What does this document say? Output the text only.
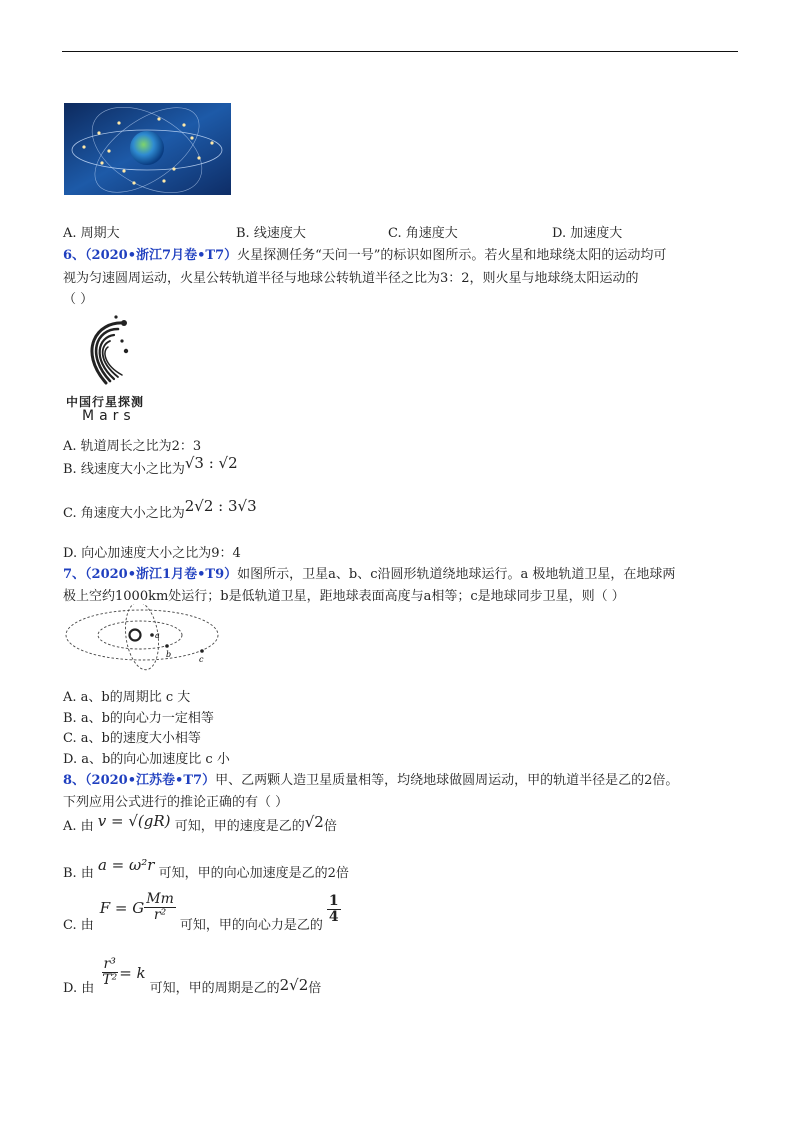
A. 周期大	B. 线速度大	C. 角速度大	D. 加速度大
6、（2020•浙江7月卷•T7）火星探测任务“天问一号”的标识如图所示。若火星和地球绕太阳的运动均可
视为匀速圆周运动，火星公转轨道半径与地球公转轨道半径之比为3：2，则火星与地球绕太阳运动的
（ ）
中国行星探测
Mars
A. 轨道周长之比为2：3
B. 线速度大小之比为√3 : √2
C. 角速度大小之比为2√2 : 3√3
D. 向心加速度大小之比为9：4
7、（2020•浙江1月卷•T9）如图所示，卫星a、b、c沿圆形轨道绕地球运行。a 极地轨道卫星，在地球两
极上空约1000km处运行；b是低轨道卫星，距地球表面高度与a相等；c是地球同步卫星，则（ ）
a
b
c
A. a、b的周期比 c 大
B. a、b的向心力一定相等
C. a、b的速度大小相等
D. a、b的向心加速度比 c 小
8、（2020•江苏卷•T7）甲、乙两颗人造卫星质量相等，均绕地球做圆周运动，甲的轨道半径是乙的2倍。
下列应用公式进行的推论正确的有（ ）
A. 由 v = √(gR) 可知，甲的速度是乙的√2倍
B. 由 a = ω²r 可知，甲的向心加速度是乙的2倍
C. 由
F = G $\frac{Mm}{\text{r²}}$
可知，甲的向心力是乙的
$\frac{1}{4}$
D. 由
$\frac{\text{r³}}{\text{T²}} = k$
可知，甲的周期是乙的 2√2 倍
